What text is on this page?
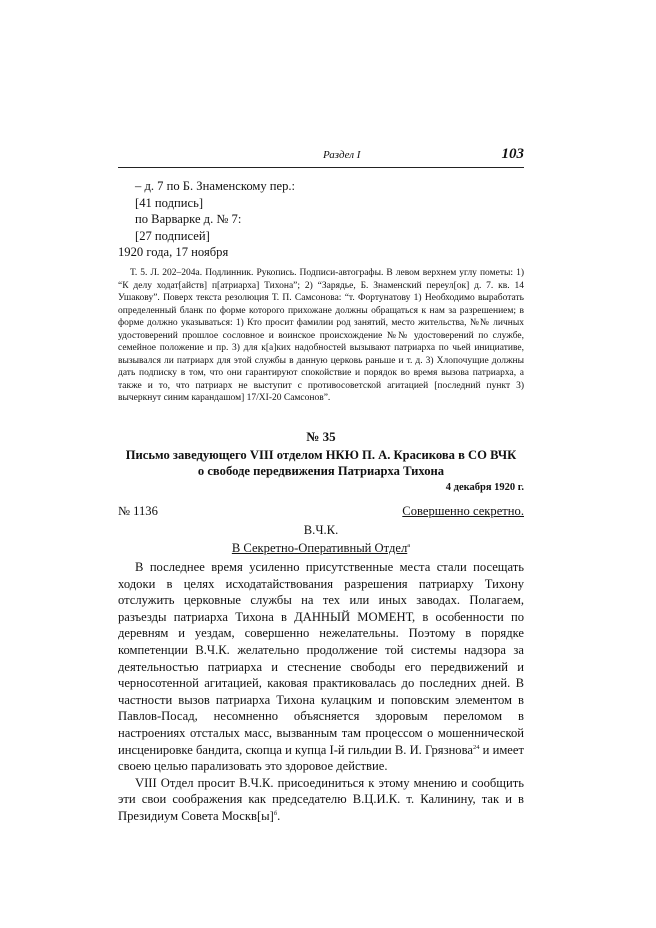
Раздел I	103
– д. 7 по Б. Знаменскому пер.:
[41 подпись]
по Варварке д. № 7:
[27 подписей]
1920 года, 17 ноября
Т. 5. Л. 202–204а. Подлинник. Рукопись. Подписи-автографы. В левом верхнем углу пометы: 1) “К делу ходат[айств] п[атриарха] Тихона”; 2) “Зарядье, Б. Знаменский переул[ок] д. 7. кв. 14 Ушакову”. Поверх текста резолюция Т. П. Самсонова: “т. Фортунатову 1) Необходимо выработать определенный бланк по форме которого прихожане должны обращаться к нам за разрешением; в форме должно указываться: 1) Кто просит фамилии род занятий, место жительства, №№ личных удостоверений прошлое сословное и воинское происхождение №№ удостоверений по службе, семейное положение и пр. 3) для к[а]ких надобностей вызывают патриарха по чьей инициативе, вызывался ли патриарх для этой службы в данную церковь раньше и т. д. 3) Хлопочущие должны дать подписку в том, что они гарантируют спокойствие и порядок во время вызова патриарха, а также и то, что патриарх не выступит с противосоветской агитацией [последний пункт 3) вычеркнут синим карандашом] 17/XI-20 Самсонов”.
№ 35
Письмо заведующего VIII отделом НКЮ П. А. Красикова в СО ВЧК
о свободе передвижения Патриарха Тихона
4 декабря 1920 г.
№ 1136	Совершенно секретно.
В.Ч.К.
В Секретно-Оперативный Отдел$^а$

В последнее время усиленно присутственные места стали посещать ходоки в целях исходатайствования разрешения патриарху Тихону отслужить церковные службы на тех или иных заводах. Полагаем, разъезды патриарха Тихона в ДАННЫЙ МОМЕНТ, в особенности по деревням и уездам, совершенно нежелательны. Поэтому в порядке компетенции В.Ч.К. желательно продолжение той системы надзора за деятельностью патриарха и стеснение свободы его передвижений и черносотенной агитацией, каковая практиковалась до последних дней. В частности вызов патриарха Тихона кулацким и поповским элементом в Павлов-Посад, несомненно объясняется здоровым переломом в настроениях отсталых масс, вызванным там процессом о мошеннической инсценировке бандита, скопца и купца I-й гильдии В. И. Грязнова$^{24}$ и имеет своею целью парализовать это здоровое действие.

VIII Отдел просит В.Ч.К. присоединиться к этому мнению и сообщить эти свои соображения как председателю В.Ц.И.К. т. Калинину, так и в Президиум Совета $Москв[ы]^б$.
